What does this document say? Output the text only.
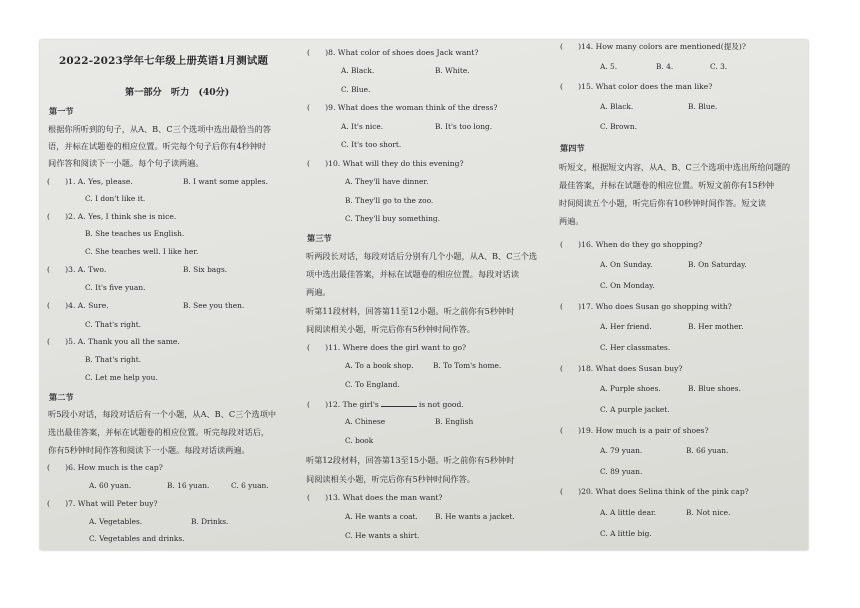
2022-2023学年七年级上册英语1月测试题
第一部分　听力　(40分)
第一节
根据你所听到的句子，从A、B、C三个选项中选出最恰当的答
语，并标在试题卷的相应位置。听完每个句子后你有4秒钟时
间作答和阅读下一小题。每个句子读两遍。
(　　)1. A. Yes, please.	B. I want some apples.
C. I don't like it.
(　　)2. A. Yes, I think she is nice.
B. She teaches us English.
C. She teaches well. I like her.
(　　)3. A. Two.	B. Six bags.
C. It's five yuan.
(　　)4. A. Sure.	B. See you then.
C. That's right.
(　　)5. A. Thank you all the same.
B. That's right.
C. Let me help you.
第二节
听5段小对话，每段对话后有一个小题，从A、B、C三个选项中
选出最佳答案，并标在试题卷的相应位置。听完每段对话后，
你有5秒钟时间作答和阅读下一小题。每段对话读两遍。
(　　)6. How much is the cap?
A. 60 yuan.	B. 16 yuan.	C. 6 yuan.
(　　)7. What will Peter buy?
A. Vegetables.	B. Drinks.
C. Vegetables and drinks.
(　　)8. What color of shoes does Jack want?
A. Black.	B. White.
C. Blue.
(　　)9. What does the woman think of the dress?
A. It's nice.	B. It's too long.
C. It's too short.
(　　)10. What will they do this evening?
A. They'll have dinner.
B. They'll go to the zoo.
C. They'll buy something.
第三节
听两段长对话，每段对话后分别有几个小题，从A、B、C三个选
项中选出最佳答案，并标在试题卷的相应位置。每段对话读
两遍。
听第11段材料，回答第11至12小题。听之前你有5秒钟时
间阅读相关小题，听完后你有5秒钟时间作答。
(　　)11. Where does the girl want to go?
A. To a book shop.	B. To Tom's home.
C. To England.
(　　)12. The girl's	is not good.
A. Chinese	B. English
C. book
听第12段材料，回答第13至15小题。听之前你有5秒钟时
间阅读相关小题，听完后你有5秒钟时间作答。
(　　)13. What does the man want?
A. He wants a coat. B. He wants a jacket.
C. He wants a shirt.
(　　)14. How many colors are mentioned(提及)?
A. 5.	B. 4.	C. 3.
(　　)15. What color does the man like?
A. Black.	B. Blue.
C. Brown.
第四节
听短文，根据短文内容，从A、B、C三个选项中选出所给问题的
最佳答案，并标在试题卷的相应位置。听短文前你有15秒钟
时间阅读五个小题，听完后你有10秒钟时间作答。短文读
两遍。
(　　)16. When do they go shopping?
A. On Sunday.	B. On Saturday.
C. On Monday.
(　　)17. Who does Susan go shopping with?
A. Her friend.	B. Her mother.
C. Her classmates.
(　　)18. What does Susan buy?
A. Purple shoes.	B. Blue shoes.
C. A purple jacket.
(　　)19. How much is a pair of shoes?
A. 79 yuan.	B. 66 yuan.
C. 89 yuan.
(　　)20. What does Selina think of the pink cap?
A. A little dear.	B. Not nice.
C. A little big.
